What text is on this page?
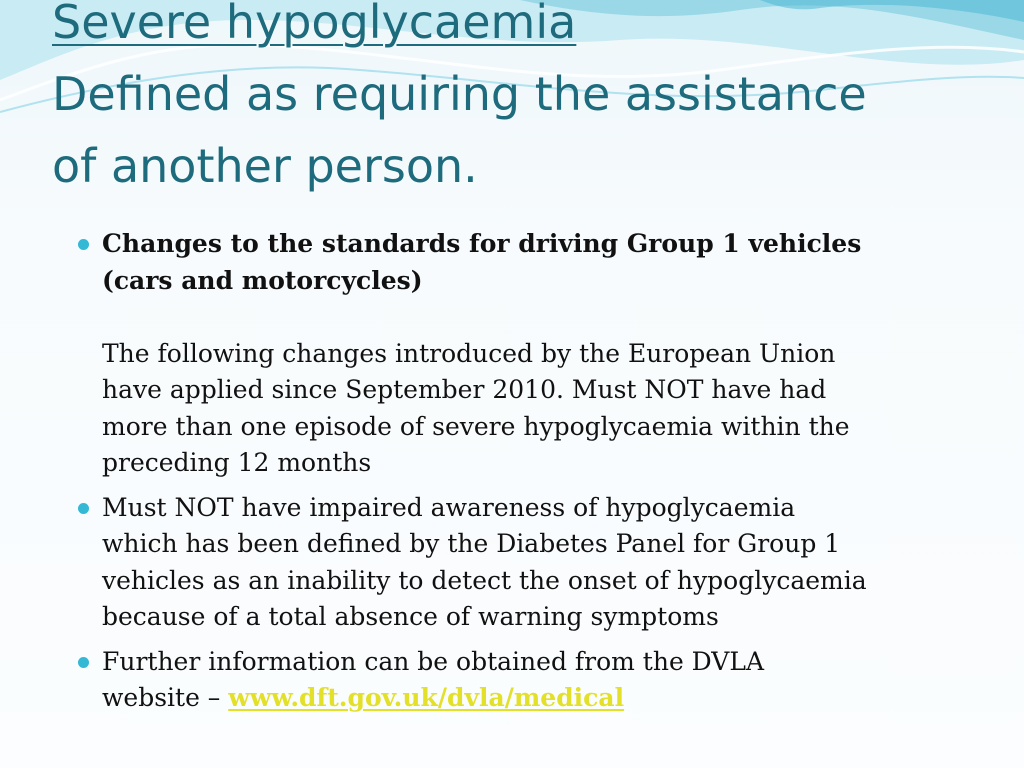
Severe hypoglycaemia
Defined as requiring the assistance
of another person.
Changes to the standards for driving Group 1 vehicles
(cars and motorcycles)
The following changes introduced by the European Union
have applied since September 2010. Must NOT have had
more than one episode of severe hypoglycaemia within the
preceding 12 months
Must NOT have impaired awareness of hypoglycaemia
which has been defined by the Diabetes Panel for Group 1
vehicles as an inability to detect the onset of hypoglycaemia
because of a total absence of warning symptoms
Further information can be obtained from the DVLA
website – www.dft.gov.uk/dvla/medical
